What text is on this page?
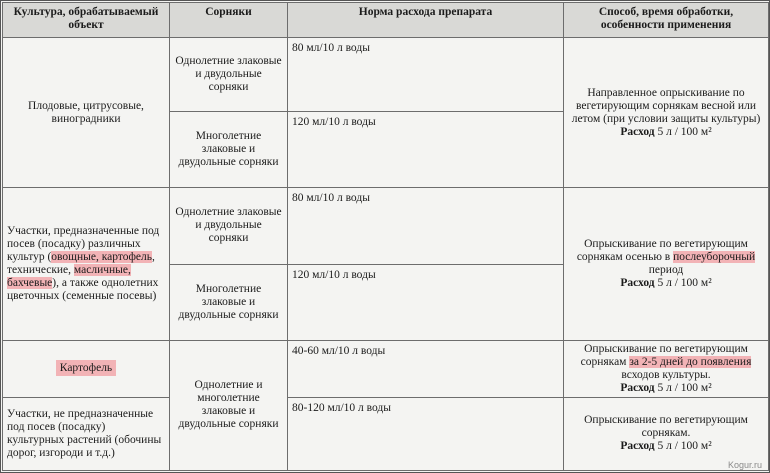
Культура, обрабатываемый объект	Сорняки	Норма расхода препарата	Способ, время обработки, особенности применения
Плодовые, цитрусовые, виноградники	Однолетние злаковые и двудольные сорняки	80 мл/10 л воды	Направленное опрыскивание по вегетирующим сорнякам весной или летом (при условии защиты культуры)
Расход 5 л / 100 м²

	Многолетние злаковые и двудольные сорняки	120 мл/10 л воды	
Участки, предназначенные под посев (посадку) различных культур (овощные, картофель, технические, масличные, бахчевые), а также однолетних цветочных (семенные посевы)	Однолетние злаковые и двудольные сорняки	80 мл/10 л воды	Опрыскивание по вегетирующим сорнякам осенью в послеуборочный период
Расход 5 л / 100 м²

	Многолетние злаковые и двудольные сорняки	120 мл/10 л воды	
Картофель	Однолетние и многолетние злаковые и двудольные сорняки	40-60 мл/10 л воды	Опрыскивание по вегетирующим сорнякам за 2-5 дней до появления всходов культуры.
Расход 5 л / 100 м²

Участки, не предназначенные под посев (посадку) культурных растений (обочины дорог, изгороди и т.д.)		80-120 мл/10 л воды	Опрыскивание по вегетирующим сорнякам.
Расход 5 л / 100 м²
Kogur.ru
